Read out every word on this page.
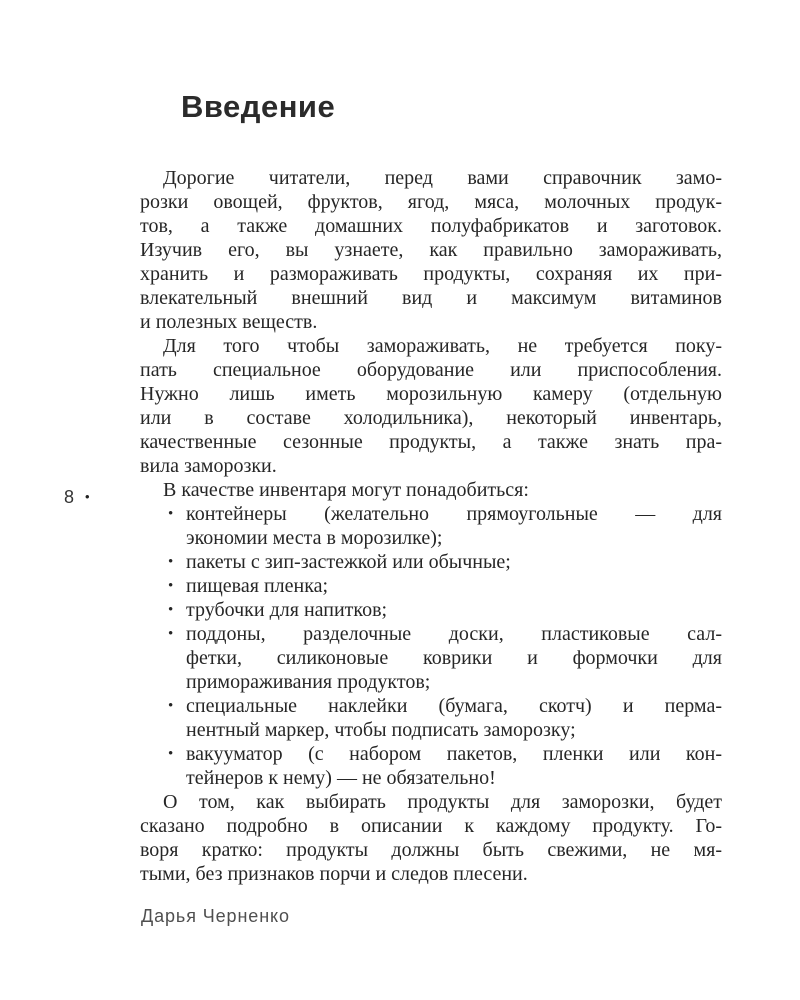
Введение
8 •
Дорогие читатели, перед вами справочник замо-
розки овощей, фруктов, ягод, мяса, молочных продук-
тов, а также домашних полуфабрикатов и заготовок.
Изучив его, вы узнаете, как правильно замораживать,
хранить и размораживать продукты, сохраняя их при-
влекательный внешний вид и максимум витаминов
и полезных веществ.
Для того чтобы замораживать, не требуется поку-
пать специальное оборудование или приспособления.
Нужно лишь иметь морозильную камеру (отдельную
или в составе холодильника), некоторый инвентарь,
качественные сезонные продукты, а также знать пра-
вила заморозки.
В качестве инвентаря могут понадобиться:
• контейнеры (желательно прямоугольные — для
экономии места в морозилке);
• пакеты с зип-застежкой или обычные;
• пищевая пленка;
• трубочки для напитков;
• поддоны, разделочные доски, пластиковые сал-
фетки, силиконовые коврики и формочки для
примораживания продуктов;
• специальные наклейки (бумага, скотч) и перма-
нентный маркер, чтобы подписать заморозку;
• вакууматор (с набором пакетов, пленки или кон-
тейнеров к нему) — не обязательно!
О том, как выбирать продукты для заморозки, будет
сказано подробно в описании к каждому продукту. Го-
воря кратко: продукты должны быть свежими, не мя-
тыми, без признаков порчи и следов плесени.
Дарья Черненко
